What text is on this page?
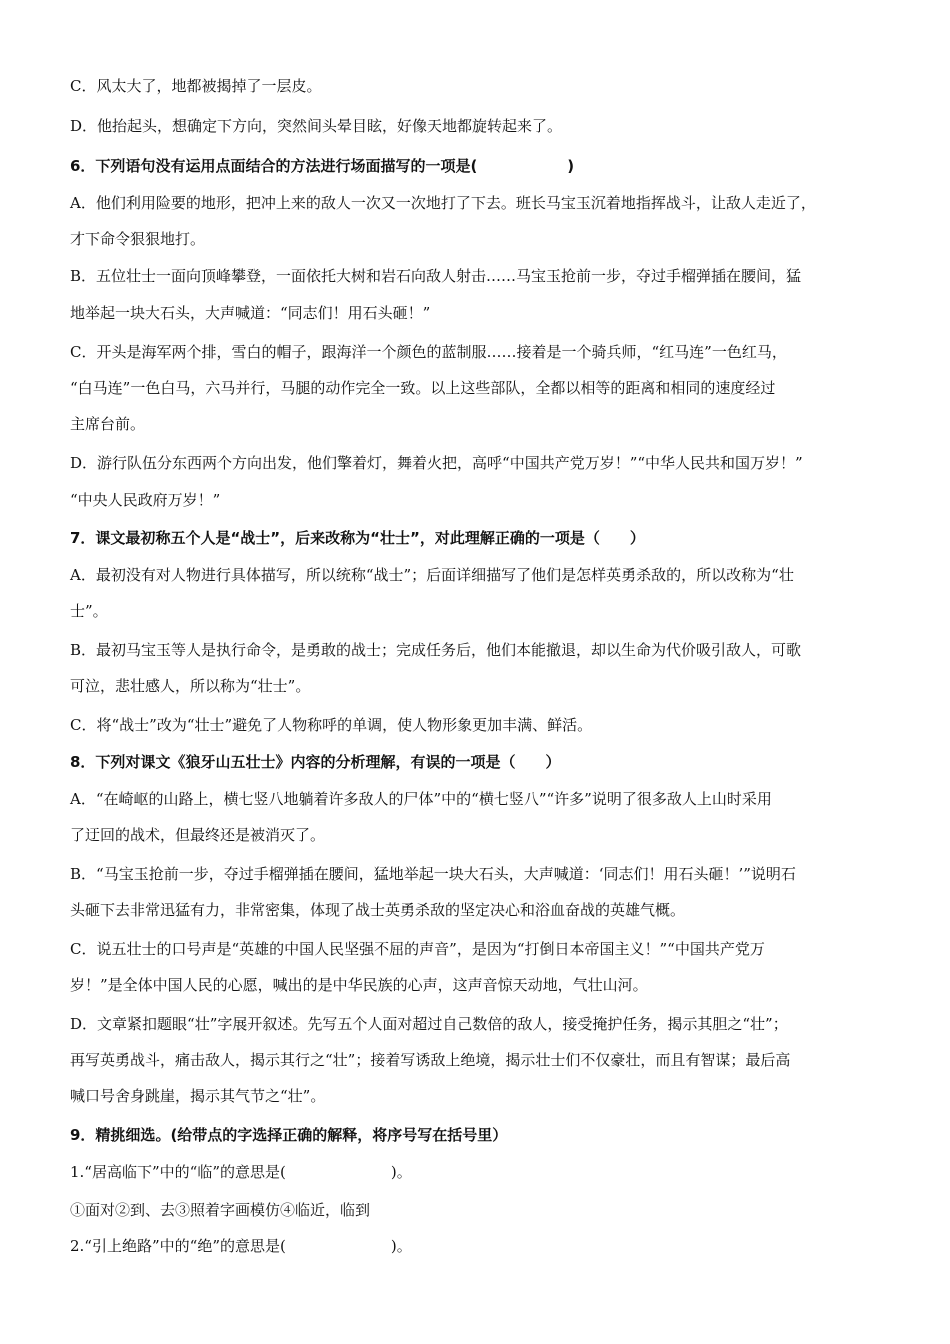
C．风太大了，地都被揭掉了一层皮。
D．他抬起头，想确定下方向，突然间头晕目眩，好像天地都旋转起来了。
6．下列语句没有运用点面结合的方法进行场面描写的一项是(　　　　　　)
A．他们利用险要的地形，把冲上来的敌人一次又一次地打了下去。班长马宝玉沉着地指挥战斗，让敌人走近了，
才下命令狠狠地打。
B．五位壮士一面向顶峰攀登，一面依托大树和岩石向敌人射击……马宝玉抢前一步，夺过手榴弹插在腰间，猛
地举起一块大石头，大声喊道：“同志们！用石头砸！”
C．开头是海军两个排，雪白的帽子，跟海洋一个颜色的蓝制服……接着是一个骑兵师，“红马连”一色红马，
“白马连”一色白马，六马并行，马腿的动作完全一致。以上这些部队，全都以相等的距离和相同的速度经过
主席台前。
D．游行队伍分东西两个方向出发，他们擎着灯，舞着火把，高呼“中国共产党万岁！”“中华人民共和国万岁！”
“中央人民政府万岁！”
7．课文最初称五个人是“战士”，后来改称为“壮士”，对此理解正确的一项是（　　）
A．最初没有对人物进行具体描写，所以统称“战士”；后面详细描写了他们是怎样英勇杀敌的，所以改称为“壮
士”。
B．最初马宝玉等人是执行命令，是勇敢的战士；完成任务后，他们本能撤退，却以生命为代价吸引敌人，可歌
可泣，悲壮感人，所以称为“壮士”。
C．将“战士”改为“壮士”避免了人物称呼的单调，使人物形象更加丰满、鲜活。
8．下列对课文《狼牙山五壮士》内容的分析理解，有误的一项是（　　）
A．“在崎岖的山路上，横七竖八地躺着许多敌人的尸体”中的“横七竖八”“许多”说明了很多敌人上山时采用
了迂回的战术，但最终还是被消灭了。
B．“马宝玉抢前一步，夺过手榴弹插在腰间，猛地举起一块大石头，大声喊道：‘同志们！用石头砸！’”说明石
头砸下去非常迅猛有力，非常密集，体现了战士英勇杀敌的坚定决心和浴血奋战的英雄气概。
C．说五壮士的口号声是“英雄的中国人民坚强不屈的声音”，是因为“打倒日本帝国主义！”“中国共产党万
岁！”是全体中国人民的心愿，喊出的是中华民族的心声，这声音惊天动地，气壮山河。
D．文章紧扣题眼“壮”字展开叙述。先写五个人面对超过自己数倍的敌人，接受掩护任务，揭示其胆之“壮”；
再写英勇战斗，痛击敌人，揭示其行之“壮”；接着写诱敌上绝境，揭示壮士们不仅豪壮，而且有智谋；最后高
喊口号舍身跳崖，揭示其气节之“壮”。
9．精挑细选。(给带点的字选择正确的解释，将序号写在括号里）
1.“居高临下”中的“临”的意思是(　　　　　　　)。
①面对②到、去③照着字画模仿④临近，临到
2.“引上绝路”中的“绝”的意思是(　　　　　　　)。
